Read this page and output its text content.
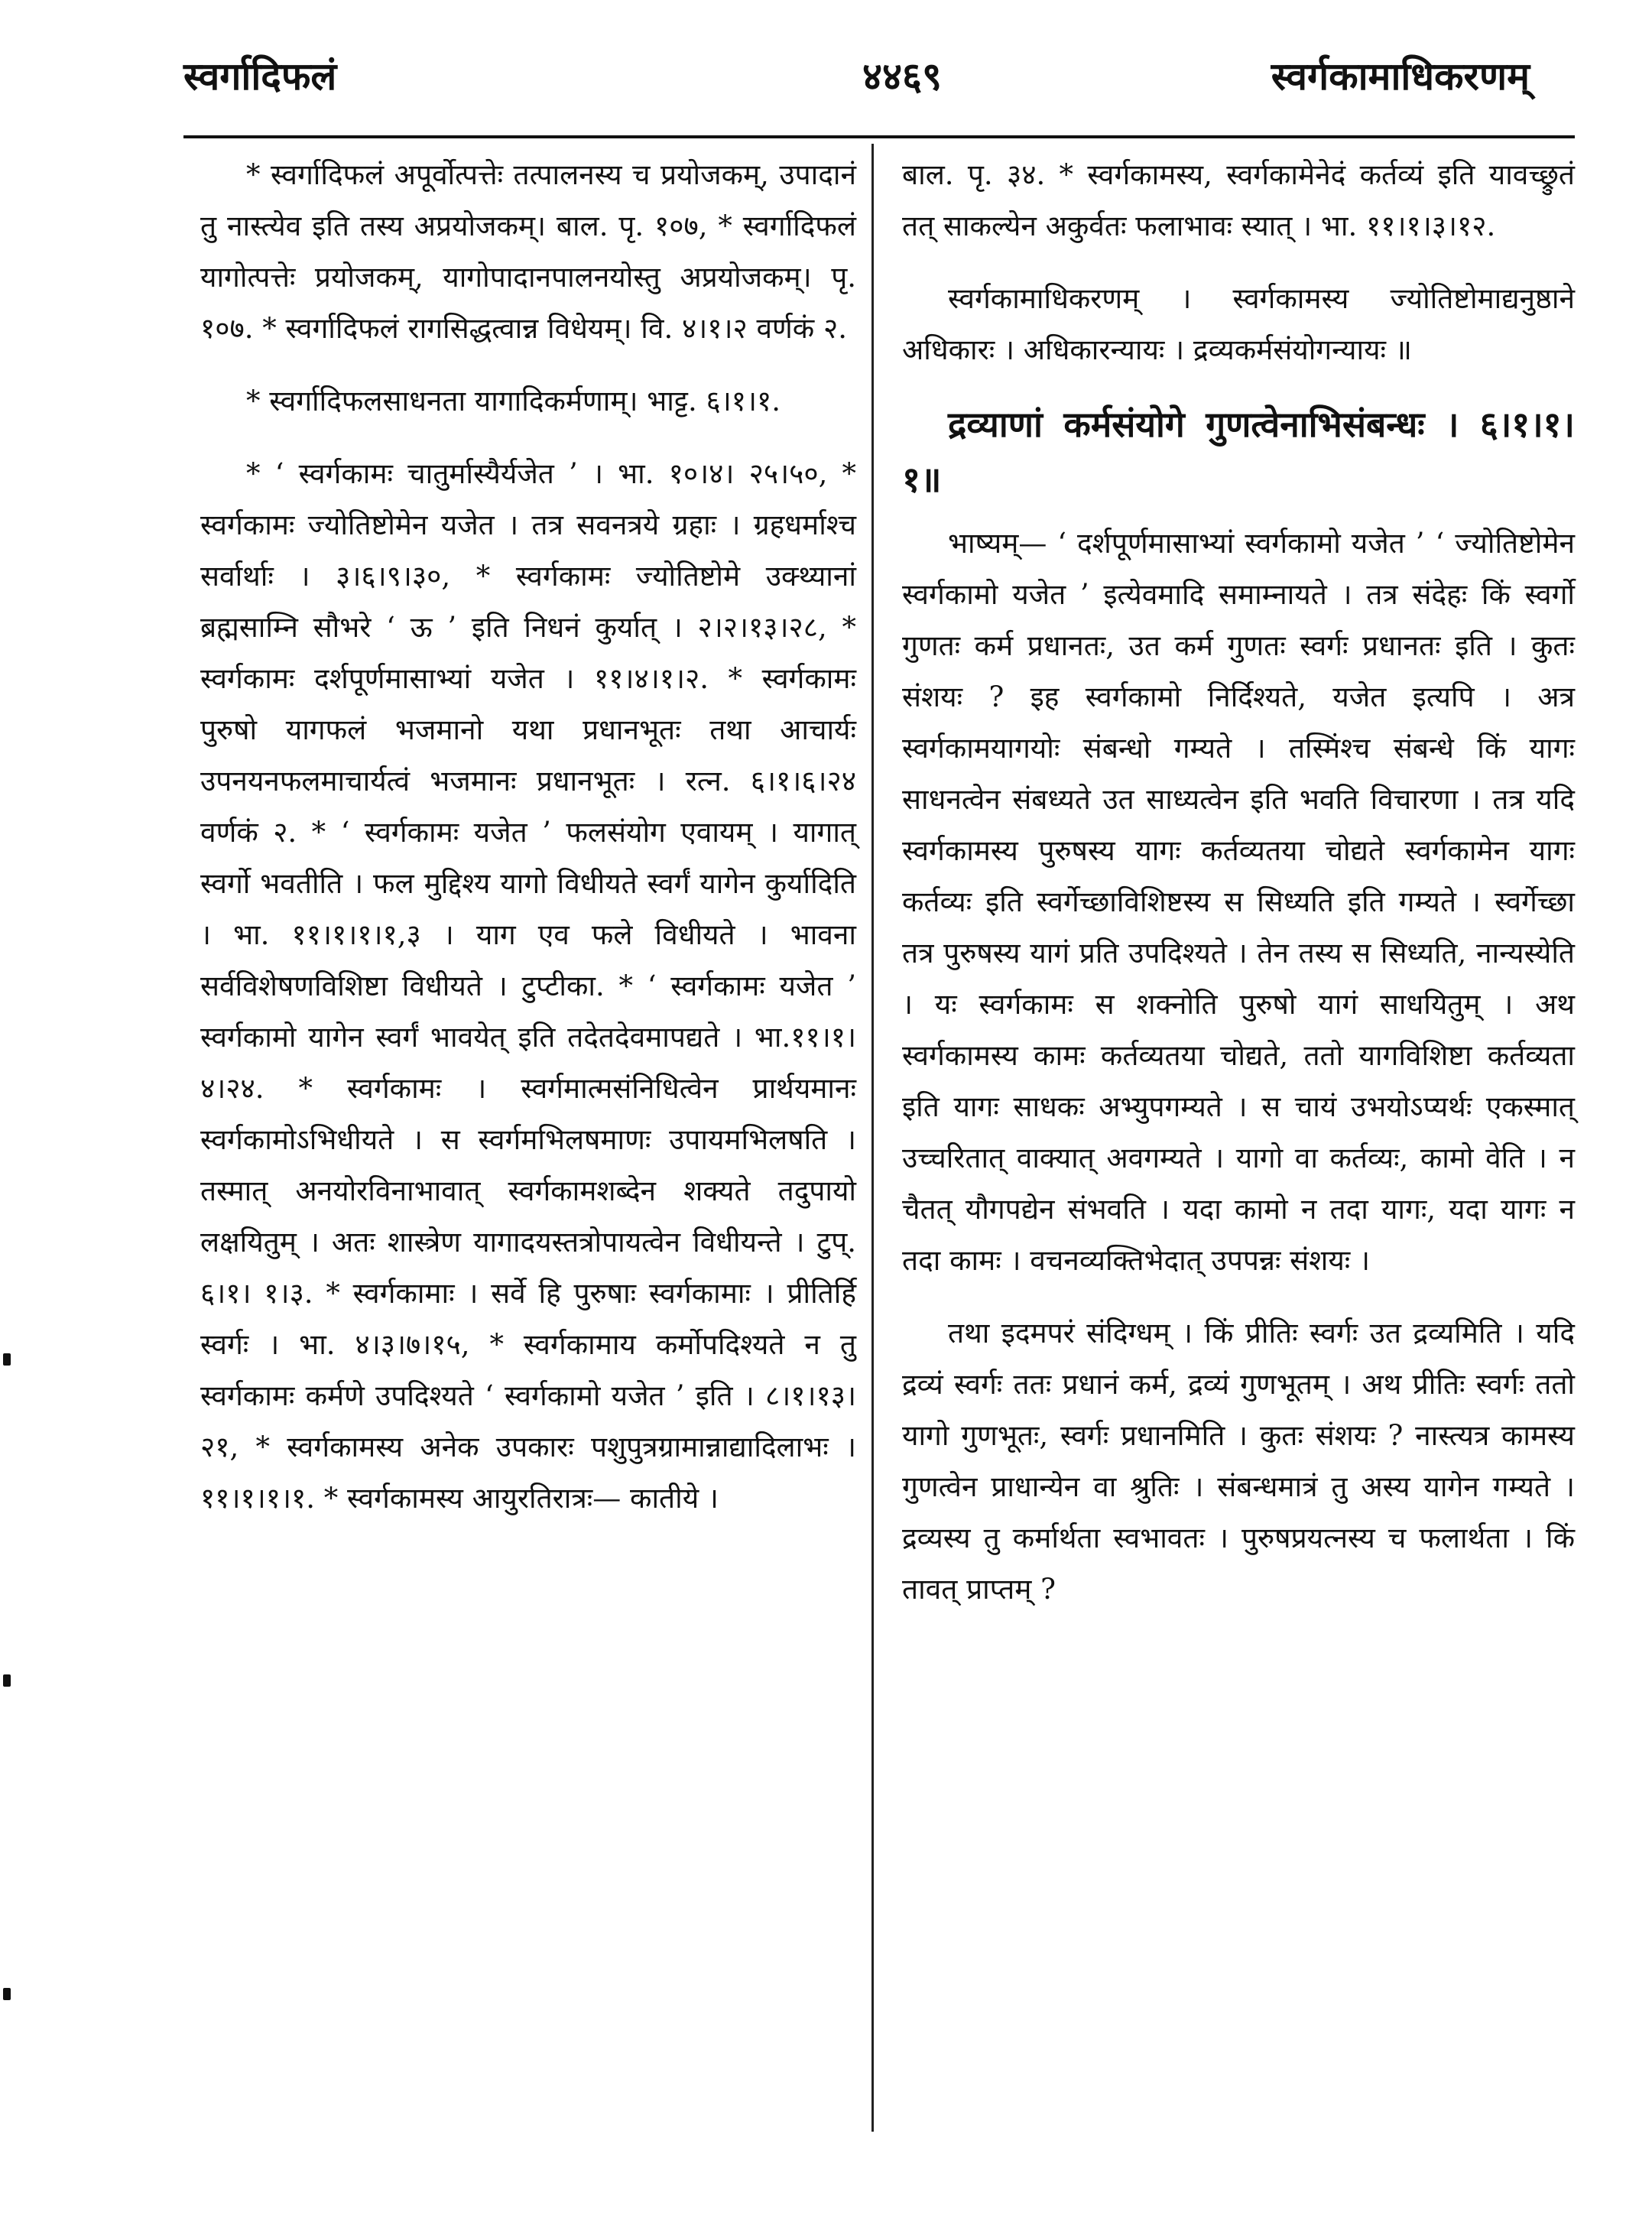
स्वर्गादिफलं	४४६९	स्वर्गकामाधिकरणम्

* स्वर्गादिफलं अपूर्वोत्पत्तेः तत्पालनस्य च प्रयोजकम्, उपादानं तु नास्त्येव इति तस्य अप्रयोजकम्। बाल. पृ. १०७, * स्वर्गादिफलं यागोत्पत्तेः प्रयोजकम्, यागोपादानपालनयोस्तु अप्रयोजकम्। पृ. १०७. * स्वर्गादिफलं रागसिद्धत्वान्न विधेयम्। वि. ४।१।२ वर्णकं २.

* स्वर्गादिफलसाधनता यागादिकर्मणाम्। भाट्ट. ६।१।१.

* ‘ स्वर्गकामः चातुर्मास्यैर्यजेत ’ । भा. १०।४। २५।५०, * स्वर्गकामः ज्योतिष्टोमेन यजेत । तत्र सवनत्रये ग्रहाः । ग्रहधर्माश्च सर्वार्थाः । ३।६।९।३०, * स्वर्गकामः ज्योतिष्टोमे उक्थ्यानां ब्रह्मसाम्नि सौभरे ‘ ऊ ’ इति निधनं कुर्यात् । २।२।१३।२८, * स्वर्गकामः दर्शपूर्णमासाभ्यां यजेत । ११।४।१।२. * स्वर्गकामः पुरुषो यागफलं भजमानो यथा प्रधानभूतः तथा आचार्यः उपनयनफलमाचार्यत्वं भजमानः प्रधानभूतः । रत्न. ६।१।६।२४ वर्णकं २. * ‘ स्वर्गकामः यजेत ’ फलसंयोग एवायम् । यागात् स्वर्गो भवतीति । फल मुद्दिश्य यागो विधीयते स्वर्गं यागेन कुर्यादिति । भा. ११।१।१।१,३ । याग एव फले विधीयते । भावना सर्वविशेषणविशिष्टा विधीयते । टुप्टीका. * ‘ स्वर्गकामः यजेत ’ स्वर्गकामो यागेन स्वर्गं भावयेत् इति तदेतदेवमापद्यते । भा.११।१।४।२४. * स्वर्गकामः । स्वर्गमात्मसंनिधित्वेन प्रार्थयमानः स्वर्गकामोऽभिधीयते । स स्वर्गमभिलषमाणः उपायमभिलषति । तस्मात् अनयोरविनाभावात् स्वर्गकामशब्देन शक्यते तदुपायो लक्षयितुम् । अतः शास्त्रेण यागादयस्तत्रोपायत्वेन विधीयन्ते । टुप्. ६।१। १।३. * स्वर्गकामाः । सर्वे हि पुरुषाः स्वर्गकामाः । प्रीतिर्हि स्वर्गः । भा. ४।३।७।१५, * स्वर्गकामाय कर्मोपदिश्यते न तु स्वर्गकामः कर्मणे उपदिश्यते ‘ स्वर्गकामो यजेत ’ इति । ८।१।१३।२१, * स्वर्गकामस्य अनेक उपकारः पशुपुत्रग्रामान्नाद्यादिलाभः । ११।१।१।१. * स्वर्गकामस्य आयुरतिरात्रः— कातीये ।

बाल. पृ. ३४. * स्वर्गकामस्य, स्वर्गकामेनेदं कर्तव्यं इति यावच्छ्रुतं तत् साकल्येन अकुर्वतः फलाभावः स्यात् । भा. ११।१।३।१२.

स्वर्गकामाधिकरणम् । स्वर्गकामस्य ज्योतिष्टोमाद्यनुष्ठाने अधिकारः । अधिकारन्यायः । द्रव्यकर्मसंयोगन्यायः ॥

द्रव्याणां कर्मसंयोगे गुणत्वेनाभिसंबन्धः । ६।१।१।१॥

भाष्यम्— ‘ दर्शपूर्णमासाभ्यां स्वर्गकामो यजेत ’ ‘ ज्योतिष्टोमेन स्वर्गकामो यजेत ’ इत्येवमादि समाम्नायते । तत्र संदेहः किं स्वर्गो गुणतः कर्म प्रधानतः, उत कर्म गुणतः स्वर्गः प्रधानतः इति । कुतः संशयः ? इह स्वर्गकामो निर्दिश्यते, यजेत इत्यपि । अत्र स्वर्गकामयागयोः संबन्धो गम्यते । तस्मिंश्च संबन्धे किं यागः साधनत्वेन संबध्यते उत साध्यत्वेन इति भवति विचारणा । तत्र यदि स्वर्गकामस्य पुरुषस्य यागः कर्तव्यतया चोद्यते स्वर्गकामेन यागः कर्तव्यः इति स्वर्गेच्छाविशिष्टस्य स सिध्यति इति गम्यते । स्वर्गेच्छा तत्र पुरुषस्य यागं प्रति उपदिश्यते । तेन तस्य स सिध्यति, नान्यस्येति । यः स्वर्गकामः स शक्नोति पुरुषो यागं साधयितुम् । अथ स्वर्गकामस्य कामः कर्तव्यतया चोद्यते, ततो यागविशिष्टा कर्तव्यता इति यागः साधकः अभ्युपगम्यते । स चायं उभयोऽप्यर्थः एकस्मात् उच्चरितात् वाक्यात् अवगम्यते । यागो वा कर्तव्यः, कामो वेति । न चैतत् यौगपद्येन संभवति । यदा कामो न तदा यागः, यदा यागः न तदा कामः । वचनव्यक्तिभेदात् उपपन्नः संशयः ।

तथा इदमपरं संदिग्धम् । किं प्रीतिः स्वर्गः उत द्रव्यमिति । यदि द्रव्यं स्वर्गः ततः प्रधानं कर्म, द्रव्यं गुणभूतम् । अथ प्रीतिः स्वर्गः ततो यागो गुणभूतः, स्वर्गः प्रधानमिति । कुतः संशयः ? नास्त्यत्र कामस्य गुणत्वेन प्राधान्येन वा श्रुतिः । संबन्धमात्रं तु अस्य यागेन गम्यते । द्रव्यस्य तु कर्मार्थता स्वभावतः । पुरुषप्रयत्नस्य च फलार्थता । किं तावत् प्राप्तम् ?
